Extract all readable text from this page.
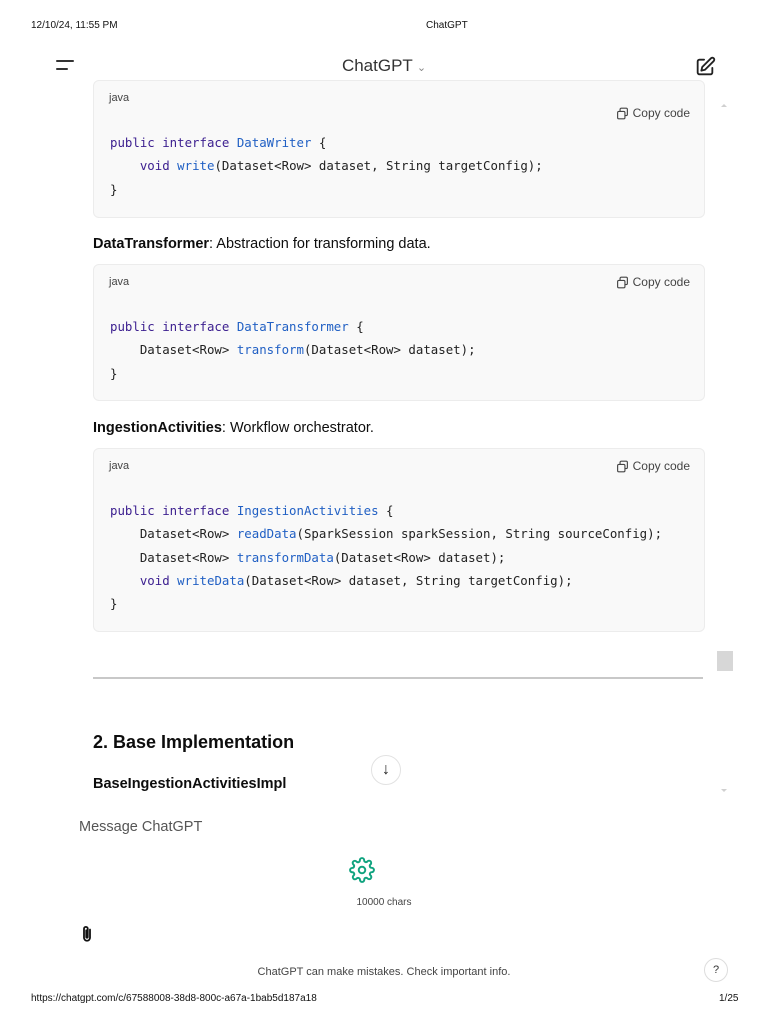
12/10/24, 11:55 PM	ChatGPT
ChatGPT ⌄
java
Copy code
public interface DataWriter {
void write(Dataset<Row> dataset, String targetConfig);
}
DataTransformer: Abstraction for transforming data.
java	Copy code
public interface DataTransformer {
Dataset<Row> transform(Dataset<Row> dataset);
}
IngestionActivities: Workflow orchestrator.
java	Copy code
public interface IngestionActivities {
Dataset<Row> readData(SparkSession sparkSession, String sourceConfig);
Dataset<Row> transformData(Dataset<Row> dataset);
void writeData(Dataset<Row> dataset, String targetConfig);
}
2. Base Implementation
↓
BaseIngestionActivitiesImpl
Message ChatGPT
10000 chars
ChatGPT can make mistakes. Check important info.	?
https://chatgpt.com/c/67588008-38d8-800c-a67a-1bab5d187a18	1/25
